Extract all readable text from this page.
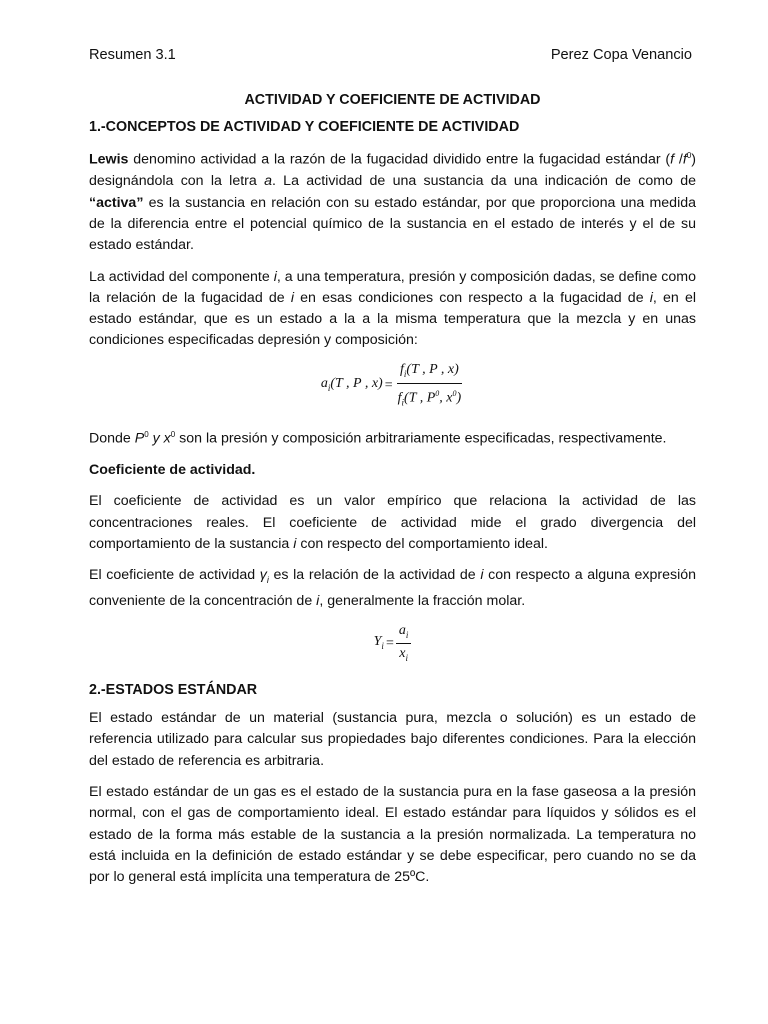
Resumen 3.1	Perez Copa Venancio
ACTIVIDAD Y COEFICIENTE DE ACTIVIDAD
1.-CONCEPTOS DE ACTIVIDAD Y COEFICIENTE DE ACTIVIDAD

Lewis denomino actividad a la razón de la fugacidad dividido entre la fugacidad estándar (f $/f^0$) designándola con la letra a. La actividad de una sustancia da una indicación de como de “activa” es la sustancia en relación con su estado estándar, por que proporciona una medida de la diferencia entre el potencial químico de la sustancia en el estado de interés y el de su estado estándar.

La actividad del componente i, a una temperatura, presión y composición dadas, se define como la relación de la fugacidad de i en esas condiciones con respecto a la fugacidad de i, en el estado estándar, que es un estado a la a la misma temperatura que la mezcla y en unas condiciones especificadas depresión y composición:

$a_i(T$ , P , $x) = \frac{f_i(T , P , x)}{f_i(T , P^0, x^0)}$

Donde $P^0$ y $x^0$ son la presión y composición arbitrariamente especificadas, respectivamente.

Coeficiente de actividad.

El coeficiente de actividad es un valor empírico que relaciona la actividad de las concentraciones reales. El coeficiente de actividad mide el grado divergencia del comportamiento de la sustancia i con respecto del comportamiento ideal.

El coeficiente de actividad $\gamma_i$ es la relación de la actividad de i con respecto a alguna expresión conveniente de la concentración de i, generalmente la fracción molar.

$Y_i = \frac{a_i}{x_i}$
2.-ESTADOS ESTÁNDAR

El estado estándar de un material (sustancia pura, mezcla o solución) es un estado de referencia utilizado para calcular sus propiedades bajo diferentes condiciones. Para la elección del estado de referencia es arbitraria.

El estado estándar de un gas es el estado de la sustancia pura en la fase gaseosa a la presión normal, con el gas de comportamiento ideal. El estado estándar para líquidos y sólidos es el estado de la forma más estable de la sustancia a la presión normalizada. La temperatura no está incluida en la definición de estado estándar y se debe especificar, pero cuando no se da por lo general está implícita una temperatura de 25ºC.
